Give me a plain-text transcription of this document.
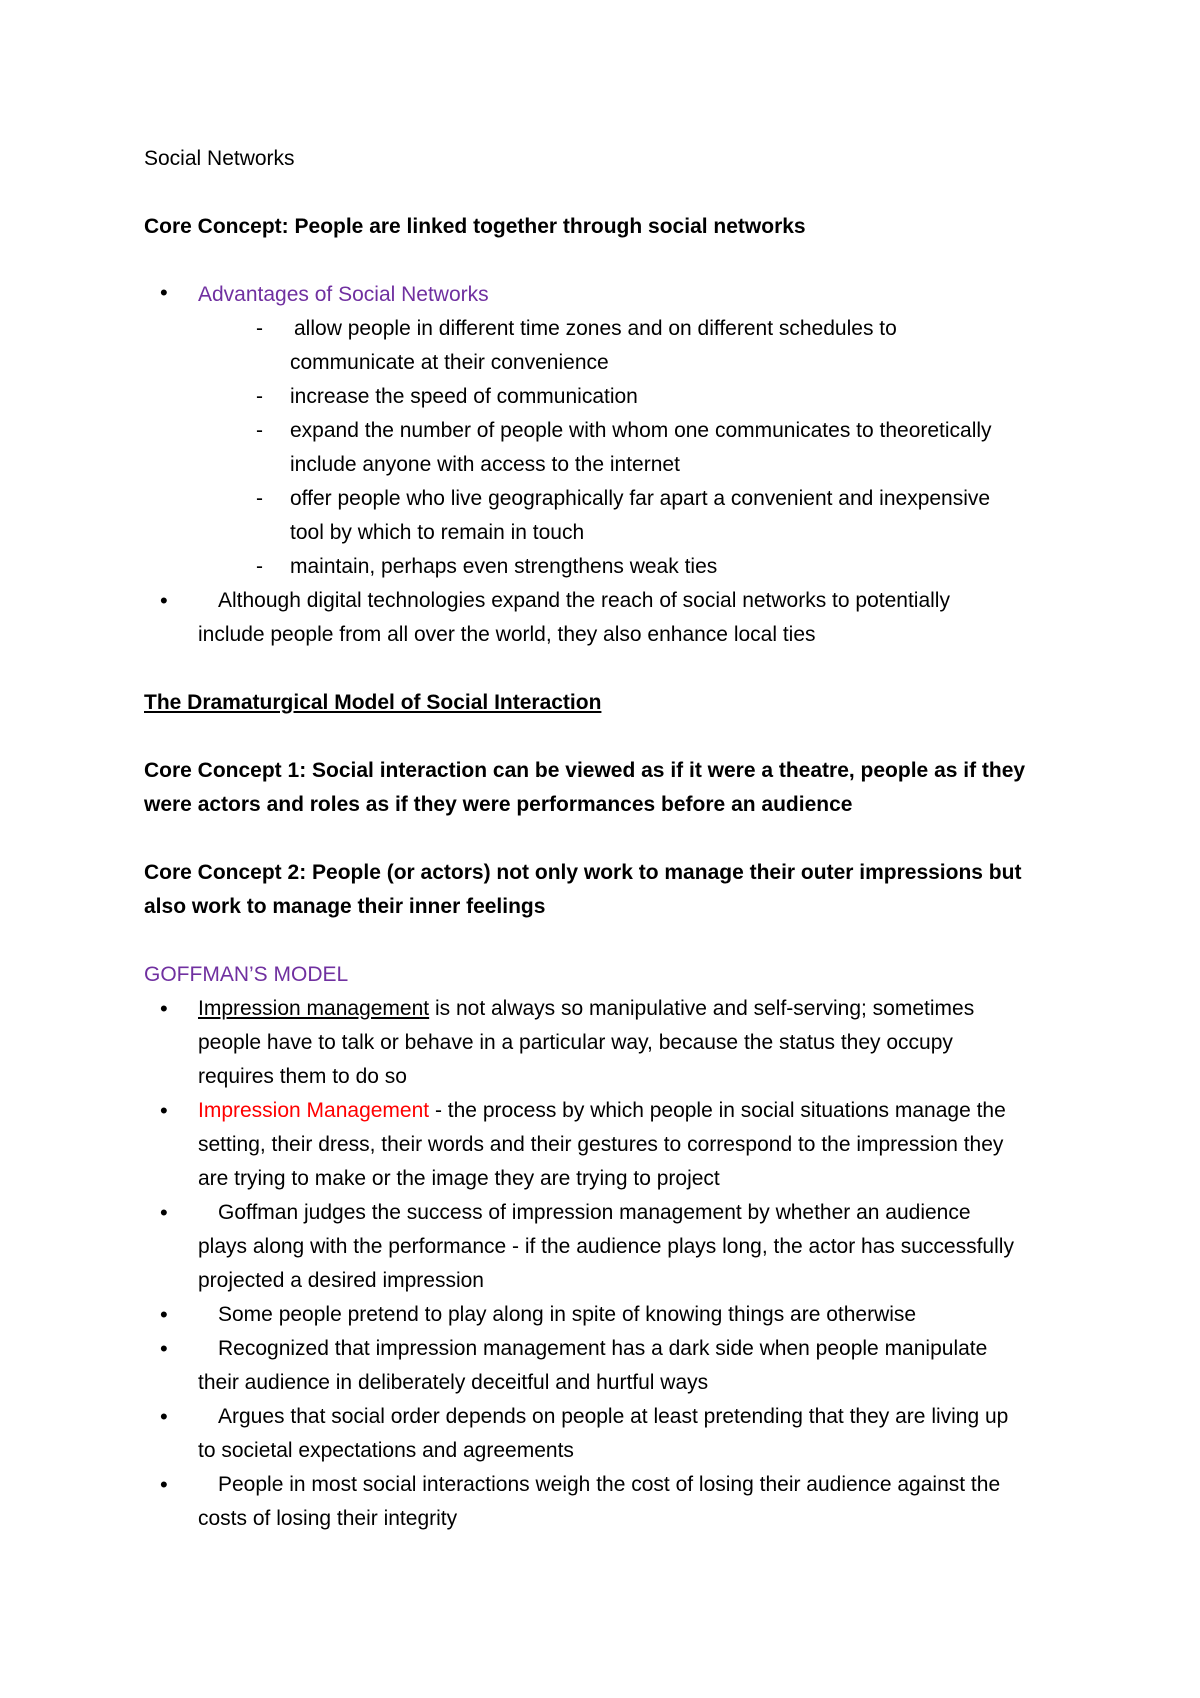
Social Networks
Core Concept: People are linked together through social networks
• Advantages of Social Networks
- allow people in different time zones and on different schedules to
communicate at their convenience
- increase the speed of communication
- expand the number of people with whom one communicates to theoretically
include anyone with access to the internet
- offer people who live geographically far apart a convenient and inexpensive
tool by which to remain in touch
- maintain, perhaps even strengthens weak ties
• Although digital technologies expand the reach of social networks to potentially
include people from all over the world, they also enhance local ties
The Dramaturgical Model of Social Interaction
Core Concept 1: Social interaction can be viewed as if it were a theatre, people as if they
were actors and roles as if they were performances before an audience
Core Concept 2: People (or actors) not only work to manage their outer impressions but
also work to manage their inner feelings
GOFFMAN’S MODEL
• Impression management is not always so manipulative and self-serving; sometimes
people have to talk or behave in a particular way, because the status they occupy
requires them to do so
• Impression Management - the process by which people in social situations manage the
setting, their dress, their words and their gestures to correspond to the impression they
are trying to make or the image they are trying to project
• Goffman judges the success of impression management by whether an audience
plays along with the performance - if the audience plays long, the actor has successfully
projected a desired impression
• Some people pretend to play along in spite of knowing things are otherwise
• Recognized that impression management has a dark side when people manipulate
their audience in deliberately deceitful and hurtful ways
• Argues that social order depends on people at least pretending that they are living up
to societal expectations and agreements
• People in most social interactions weigh the cost of losing their audience against the
costs of losing their integrity
